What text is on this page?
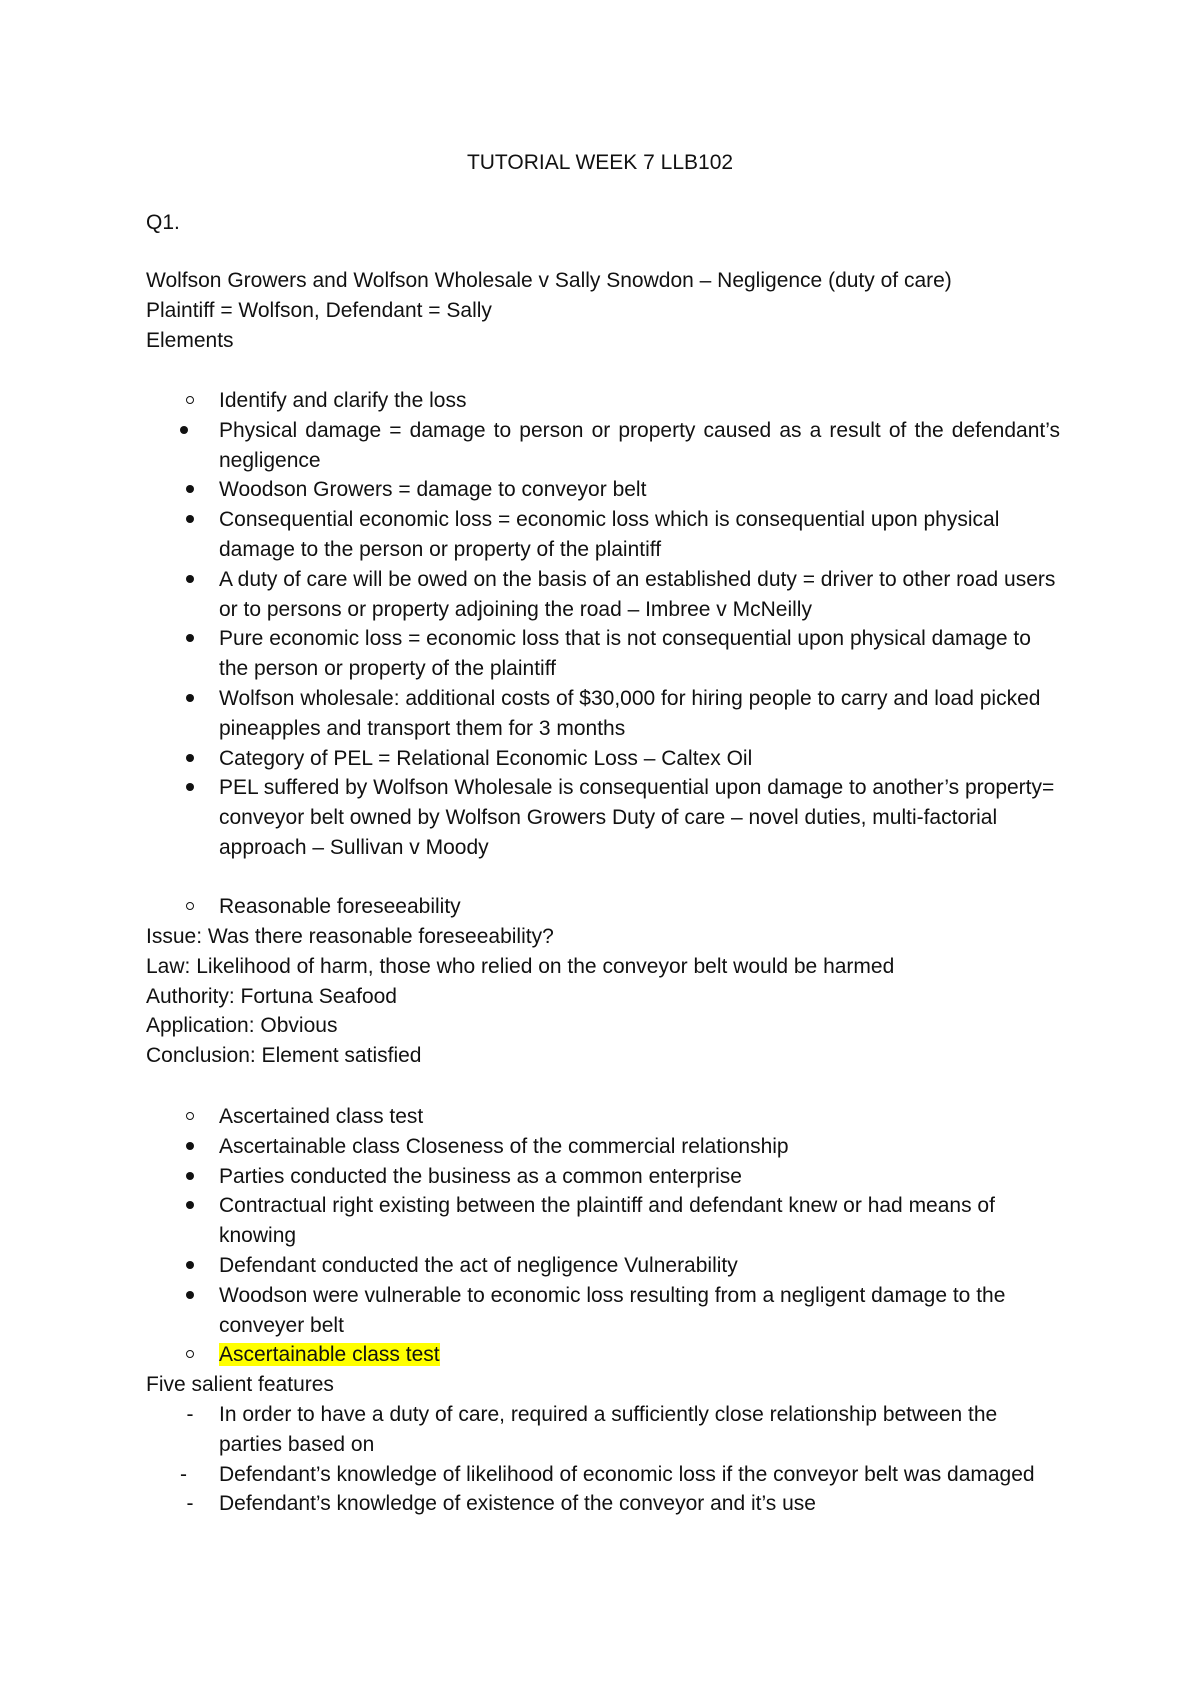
TUTORIAL WEEK 7 LLB102

Q1.

Wolfson Growers and Wolfson Wholesale v Sally Snowdon – Negligence (duty of care)
Plaintiff = Wolfson, Defendant = Sally
Elements
Identify and clarify the loss
Physical damage = damage to person or property caused as a result of the defendant’s negligence
Woodson Growers = damage to conveyor belt
Consequential economic loss = economic loss which is consequential upon physical damage to the person or property of the plaintiff
A duty of care will be owed on the basis of an established duty = driver to other road users or to persons or property adjoining the road – Imbree v McNeilly
Pure economic loss = economic loss that is not consequential upon physical damage to the person or property of the plaintiff
Wolfson wholesale: additional costs of $30,000 for hiring people to carry and load picked pineapples and transport them for 3 months
Category of PEL = Relational Economic Loss – Caltex Oil
PEL suffered by Wolfson Wholesale is consequential upon damage to another’s property= conveyor belt owned by Wolfson Growers Duty of care – novel duties, multi-factorial approach – Sullivan v Moody
Reasonable foreseeability
Issue: Was there reasonable foreseeability?
Law: Likelihood of harm, those who relied on the conveyor belt would be harmed
Authority: Fortuna Seafood
Application: Obvious
Conclusion: Element satisfied
Ascertained class test
Ascertainable class Closeness of the commercial relationship
Parties conducted the business as a common enterprise
Contractual right existing between the plaintiff and defendant knew or had means of knowing
Defendant conducted the act of negligence Vulnerability
Woodson were vulnerable to economic loss resulting from a negligent damage to the conveyer belt
Ascertainable class test
Five salient features
-
In order to have a duty of care, required a sufficiently close relationship between the parties based on
-
Defendant’s knowledge of likelihood of economic loss if the conveyor belt was damaged
-
Defendant’s knowledge of existence of the conveyor and it’s use
